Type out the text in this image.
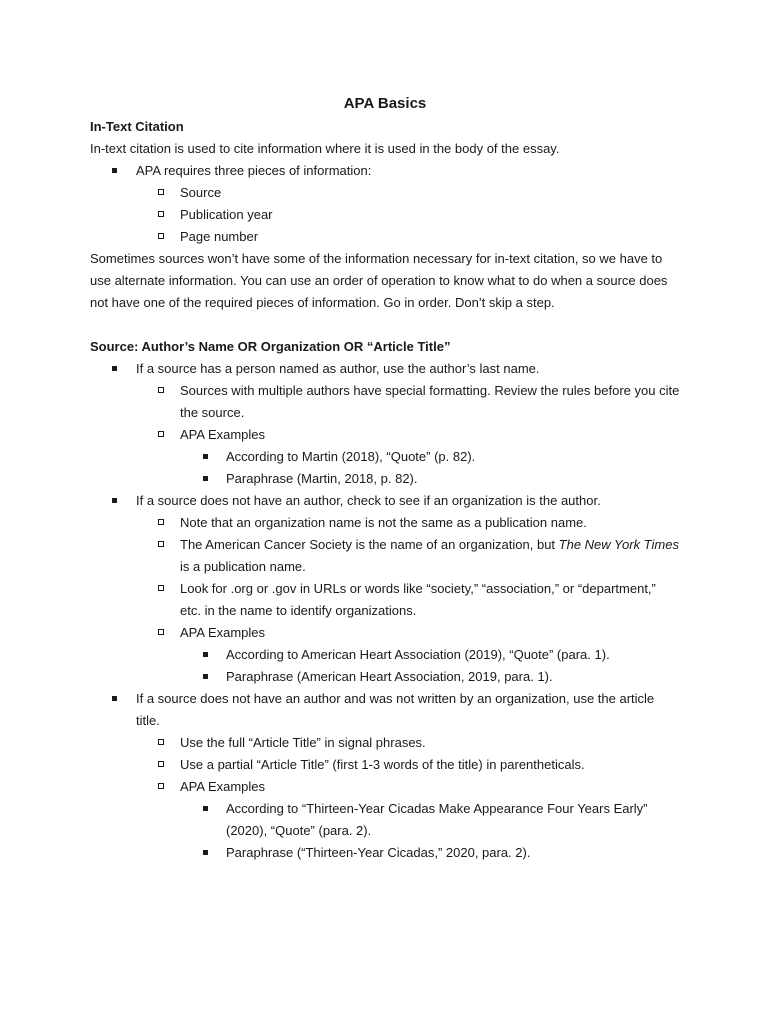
APA Basics
In-Text Citation

In-text citation is used to cite information where it is used in the body of the essay.

APA requires three pieces of information:
Source
Publication year
Page number

Sometimes sources won’t have some of the information necessary for in-text citation, so we have to use alternate information. You can use an order of operation to know what to do when a source does not have one of the required pieces of information. Go in order. Don’t skip a step.

Source: Author’s Name OR Organization OR “Article Title”
If a source has a person named as author, use the author’s last name.
Sources with multiple authors have special formatting. Review the rules before you cite the source.
APA Examples
According to Martin (2018), “Quote” (p. 82).
Paraphrase (Martin, 2018, p. 82).
If a source does not have an author, check to see if an organization is the author.
Note that an organization name is not the same as a publication name.
The American Cancer Society is the name of an organization, but The New York Times is a publication name.
Look for .org or .gov in URLs or words like “society,” “association,” or “department,” etc. in the name to identify organizations.
APA Examples
According to American Heart Association (2019), “Quote” (para. 1).
Paraphrase (American Heart Association, 2019, para. 1).
If a source does not have an author and was not written by an organization, use the article title.
Use the full “Article Title” in signal phrases.
Use a partial “Article Title” (first 1-3 words of the title) in parentheticals.
APA Examples
According to “Thirteen-Year Cicadas Make Appearance Four Years Early” (2020), “Quote” (para. 2).
Paraphrase (“Thirteen-Year Cicadas,” 2020, para. 2).
